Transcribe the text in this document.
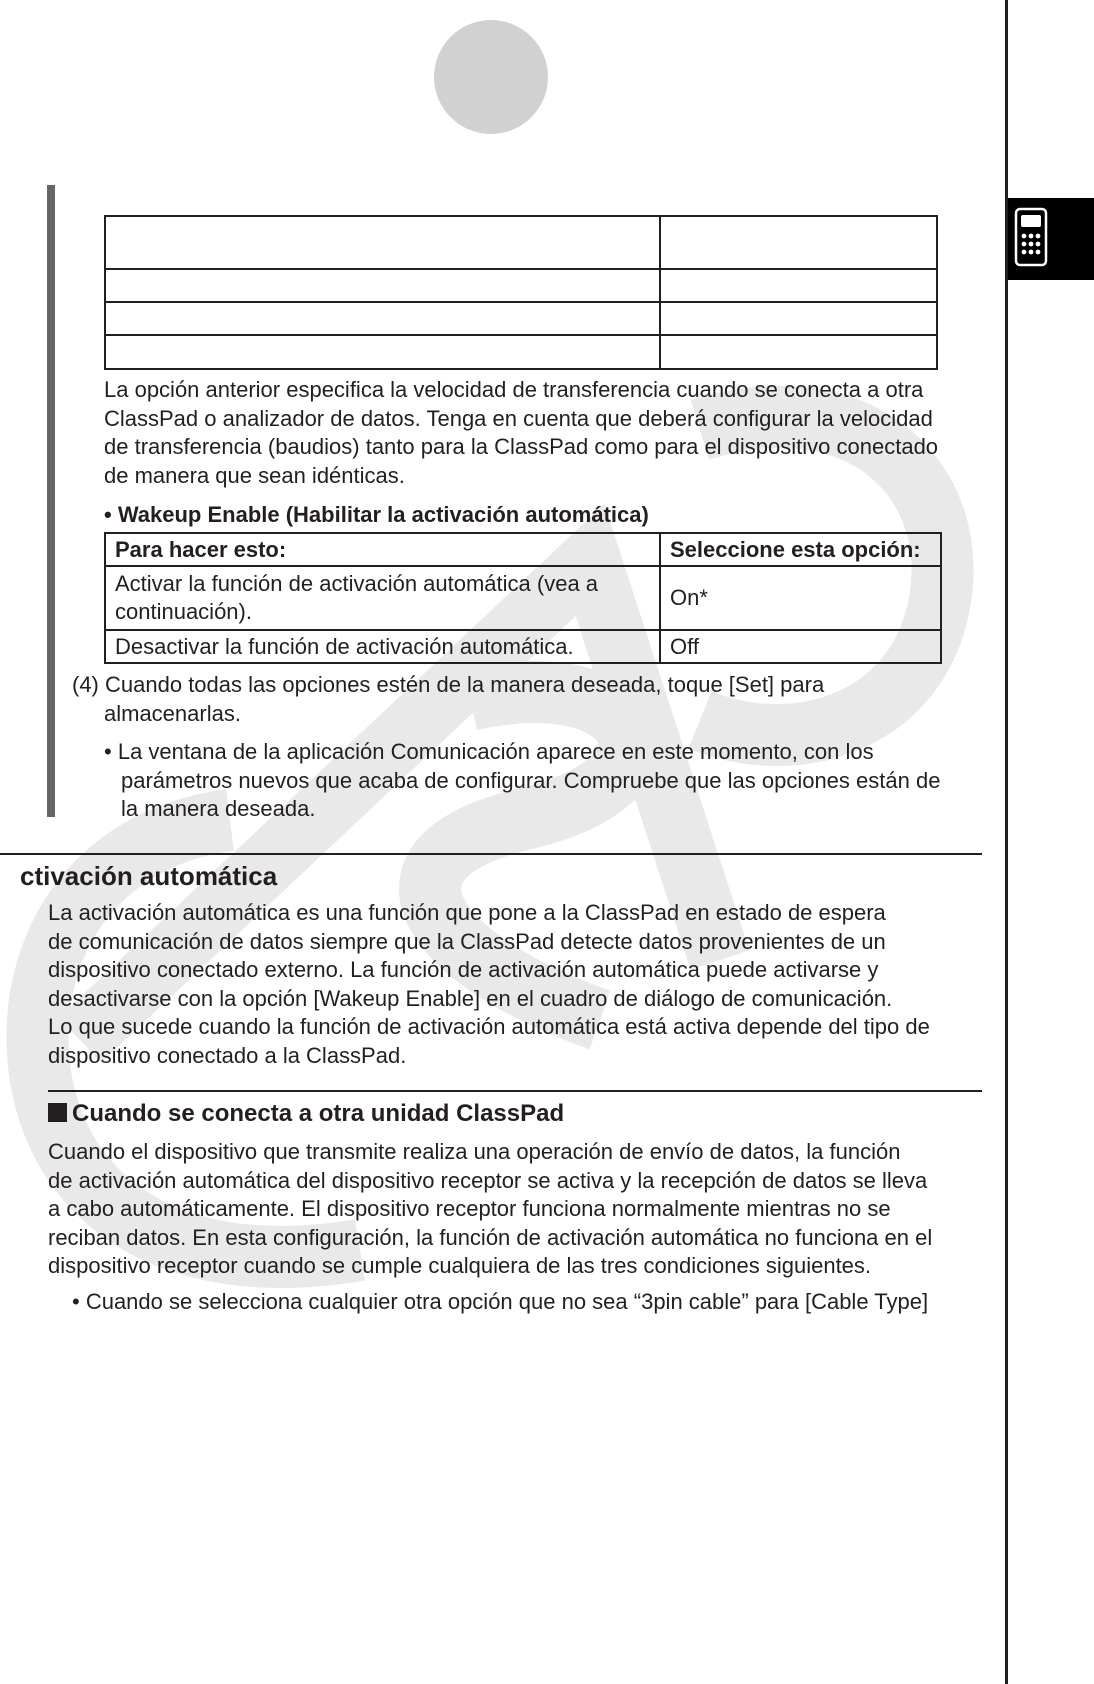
La opción anterior especifica la velocidad de transferencia cuando se conecta a otra
ClassPad o analizador de datos. Tenga en cuenta que deberá configurar la velocidad
de transferencia (baudios) tanto para la ClassPad como para el dispositivo conectado
de manera que sean idénticas.
• Wakeup Enable (Habilitar la activación automática)
Para hacer esto:	Seleccione esta opción:

Activar la función de activación automática (vea a
continuación).	On*
Desactivar la función de activación automática.	Off
(4) Cuando todas las opciones estén de la manera deseada, toque [Set] para
almacenarlas.
• La ventana de la aplicación Comunicación aparece en este momento, con los
parámetros nuevos que acaba de configurar. Compruebe que las opciones están de
la manera deseada.
ctivación automática
La activación automática es una función que pone a la ClassPad en estado de espera
de comunicación de datos siempre que la ClassPad detecte datos provenientes de un
dispositivo conectado externo. La función de activación automática puede activarse y
desactivarse con la opción [Wakeup Enable] en el cuadro de diálogo de comunicación.
Lo que sucede cuando la función de activación automática está activa depende del tipo de
dispositivo conectado a la ClassPad.
Cuando se conecta a otra unidad ClassPad
Cuando el dispositivo que transmite realiza una operación de envío de datos, la función
de activación automática del dispositivo receptor se activa y la recepción de datos se lleva
a cabo automáticamente. El dispositivo receptor funciona normalmente mientras no se
reciban datos. En esta configuración, la función de activación automática no funciona en el
dispositivo receptor cuando se cumple cualquiera de las tres condiciones siguientes.
• Cuando se selecciona cualquier otra opción que no sea “3pin cable” para [Cable Type]
